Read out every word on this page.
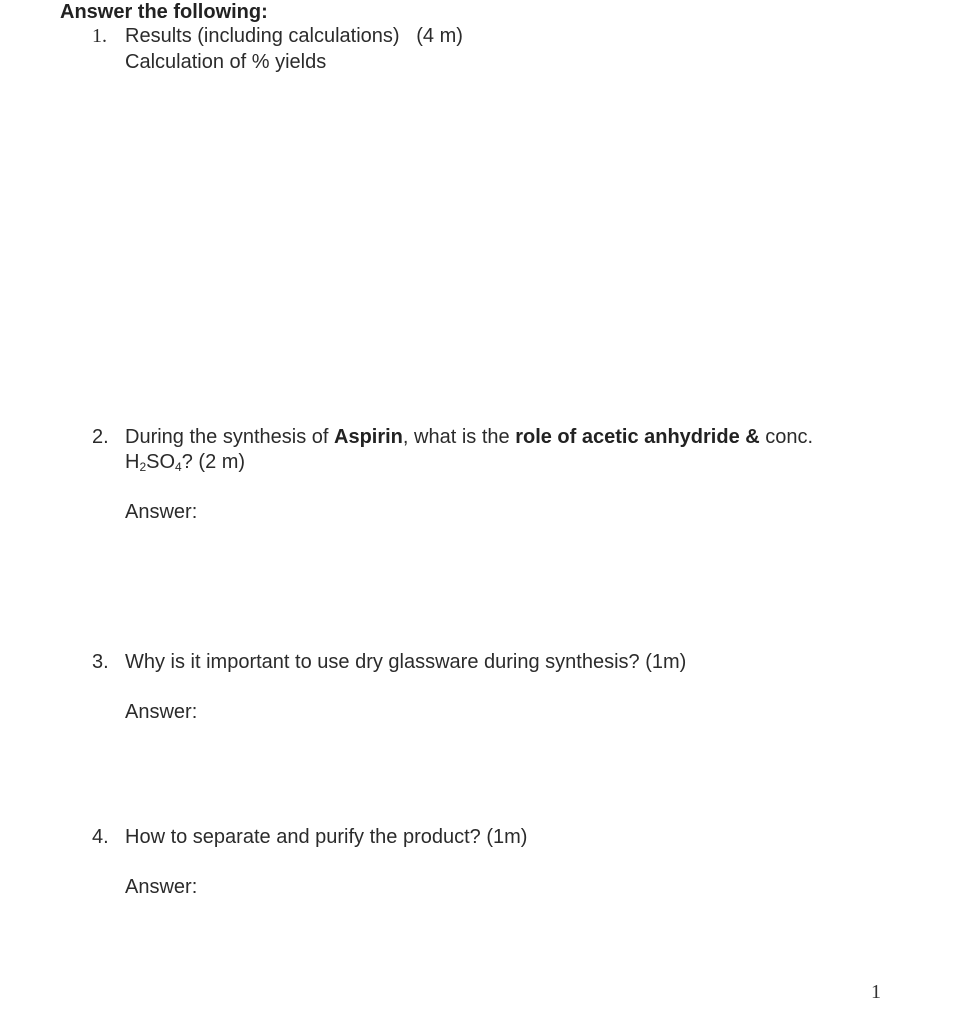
Answer the following:
1. Results (including calculations)   (4 m)
Calculation of % yields
2. During the synthesis of Aspirin, what is the role of acetic anhydride & conc.
$H_2SO_4$? (2 m)
Answer:
3. Why is it important to use dry glassware during synthesis? (1m)
Answer:
4. How to separate and purify the product? (1m)
Answer:
1
